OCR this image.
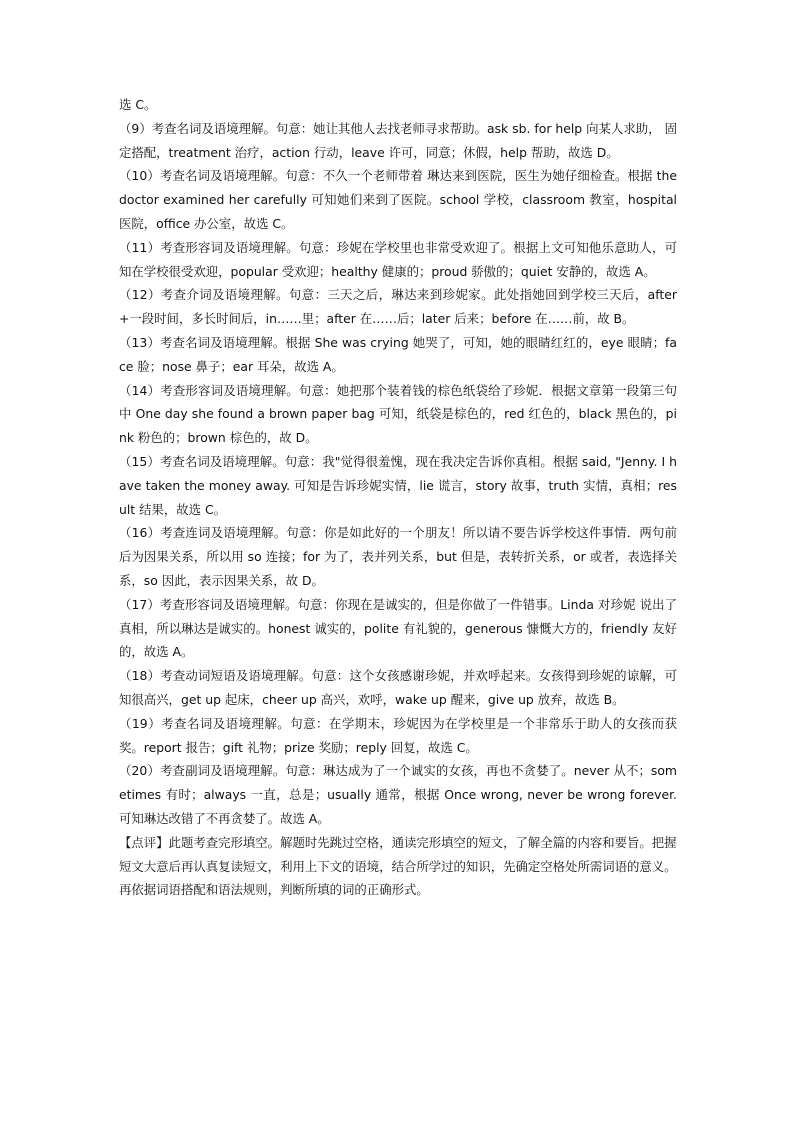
选 C。

（9）考查名词及语境理解。句意：她让其他人去找老师寻求帮助。ask sb. for help 向某人求助， 固定搭配，treatment 治疗，action 行动，leave 许可，同意；休假，help 帮助，故选 D。

（10）考查名词及语境理解。句意：不久一个老师带着 琳达来到医院，医生为她仔细检查。根据 the doctor examined her carefully 可知她们来到了医院。school 学校，classroom 教室，hospital 医院，office 办公室，故选 C。

（11）考查形容词及语境理解。句意：珍妮在学校里也非常受欢迎了。根据上文可知他乐意助人，可知在学校很受欢迎，popular 受欢迎；healthy 健康的；proud 骄傲的；quiet 安静的，故选 A。

（12）考查介词及语境理解。句意：三天之后，琳达来到珍妮家。此处指她回到学校三天后，after+一段时间，多长时间后，in……里；after 在……后；later 后来；before 在……前，故 B。

（13）考查名词及语境理解。根据 She was crying 她哭了，可知，她的眼睛红红的，eye 眼睛；face 脸；nose 鼻子；ear 耳朵，故选 A。

（14）考查形容词及语境理解。句意：她把那个装着钱的棕色纸袋给了珍妮．根据文章第一段第三句中 One day she found a brown paper bag 可知，纸袋是棕色的，red 红色的，black 黑色的，pink 粉色的；brown 棕色的，故 D。

（15）考查名词及语境理解。句意：我"觉得很羞愧，现在我决定告诉你真相。根据 said, "Jenny. I have taken the money away. 可知是告诉珍妮实情，lie 谎言，story 故事，truth 实情，真相；result 结果，故选 C。

（16）考查连词及语境理解。句意：你是如此好的一个朋友！所以请不要告诉学校这件事情．两句前后为因果关系，所以用 so 连接；for 为了，表并列关系，but 但是，表转折关系，or 或者，表选择关系，so 因此，表示因果关系，故 D。

（17）考查形容词及语境理解。句意：你现在是诚实的，但是你做了一件错事。Linda 对珍妮 说出了真相，所以琳达是诚实的。honest 诚实的，polite 有礼貌的，generous 慷慨大方的，friendly 友好的，故选 A。

（18）考查动词短语及语境理解。句意：这个女孩感谢珍妮，并欢呼起来。女孩得到珍妮的谅解，可知很高兴，get up 起床，cheer up 高兴，欢呼，wake up 醒来，give up 放弃，故选 B。

（19）考查名词及语境理解。句意：在学期末，珍妮因为在学校里是一个非常乐于助人的女孩而获奖。report 报告；gift 礼物；prize 奖励；reply 回复，故选 C。

（20）考查副词及语境理解。句意：琳达成为了一个诚实的女孩，再也不贪婪了。never 从不；sometimes 有时；always 一直，总是；usually 通常，根据 Once wrong, never be wrong forever. 可知琳达改错了不再贪婪了。故选 A。

【点评】此题考查完形填空。解题时先跳过空格，通读完形填空的短文，了解全篇的内容和要旨。把握短文大意后再认真复读短文，利用上下文的语境，结合所学过的知识，先确定空格处所需词语的意义。再依据词语搭配和语法规则，判断所填的词的正确形式。
